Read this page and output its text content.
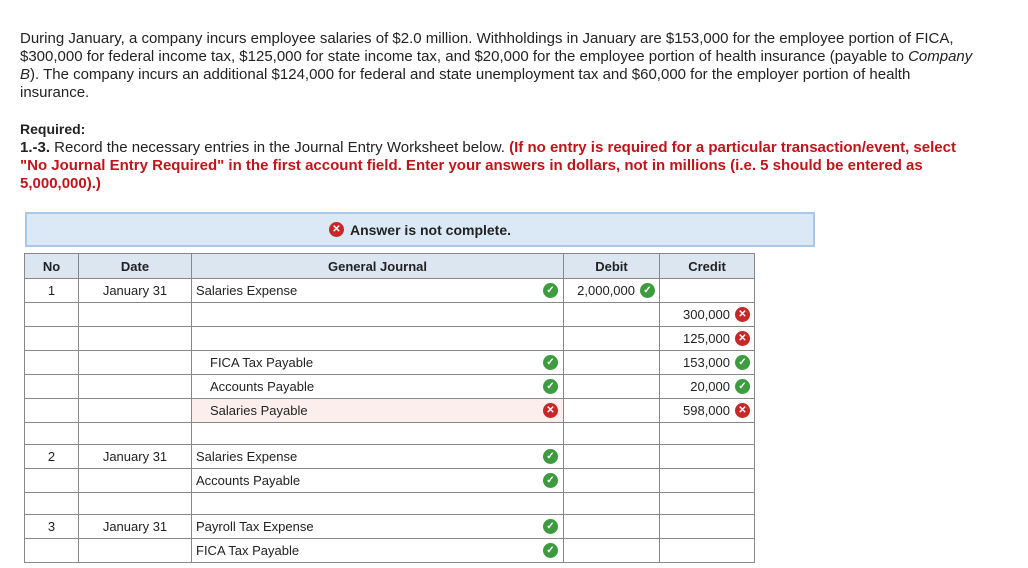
During January, a company incurs employee salaries of $2.0 million. Withholdings in January are $153,000 for the employee portion of FICA, $300,000 for federal income tax, $125,000 for state income tax, and $20,000 for the employee portion of health insurance (payable to Company B). The company incurs an additional $124,000 for federal and state unemployment tax and $60,000 for the employer portion of health insurance.
Required:
1.-3. Record the necessary entries in the Journal Entry Worksheet below. (If no entry is required for a particular transaction/event, select "No Journal Entry Required" in the first account field. Enter your answers in dollars, not in millions (i.e. 5 should be entered as 5,000,000).)
✕ Answer is not complete.
No	Date	General Journal	Debit	Credit
1	January 31	Salaries Expense ✓	2,000,000 ✓	

				300,000 ✕

				125,000 ✕

		FICA Tax Payable ✓		153,000 ✓

		Accounts Payable ✓		20,000 ✓

		Salaries Payable ✕		598,000 ✕

2	January 31	Salaries Expense ✓		

		Accounts Payable ✓		

3	January 31	Payroll Tax Expense ✓		

		FICA Tax Payable ✓		
